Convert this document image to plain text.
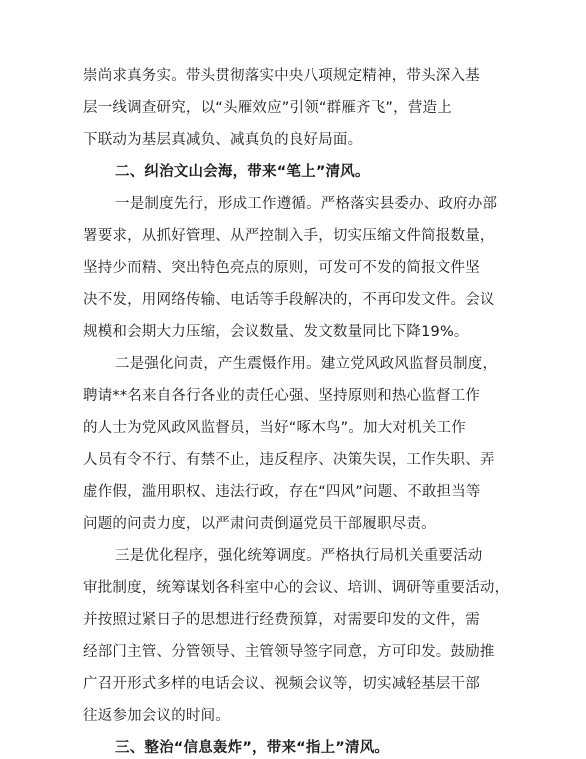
崇尚求真务实。带头贯彻落实中央八项规定精神，带头深入基
层一线调查研究，以“头雁效应”引领“群雁齐飞”，营造上
下联动为基层真减负、减真负的良好局面。
二、纠治文山会海，带来“笔上”清风。
一是制度先行，形成工作遵循。严格落实县委办、政府办部
署要求，从抓好管理、从严控制入手，切实压缩文件简报数量，
坚持少而精、突出特色亮点的原则，可发可不发的简报文件坚
决不发，用网络传输、电话等手段解决的，不再印发文件。会议
规模和会期大力压缩，会议数量、发文数量同比下降19%。
二是强化问责，产生震慑作用。建立党风政风监督员制度，
聘请**名来自各行各业的责任心强、坚持原则和热心监督工作
的人士为党风政风监督员，当好“啄木鸟”。加大对机关工作
人员有令不行、有禁不止，违反程序、决策失误，工作失职、弄
虚作假，滥用职权、违法行政，存在“四风”问题、不敢担当等
问题的问责力度，以严肃问责倒逼党员干部履职尽责。
三是优化程序，强化统筹调度。严格执行局机关重要活动
审批制度，统筹谋划各科室中心的会议、培训、调研等重要活动，
并按照过紧日子的思想进行经费预算，对需要印发的文件，需
经部门主管、分管领导、主管领导签字同意，方可印发。鼓励推
广召开形式多样的电话会议、视频会议等，切实减轻基层干部
往返参加会议的时间。
三、整治“信息轰炸”，带来“指上”清风。
